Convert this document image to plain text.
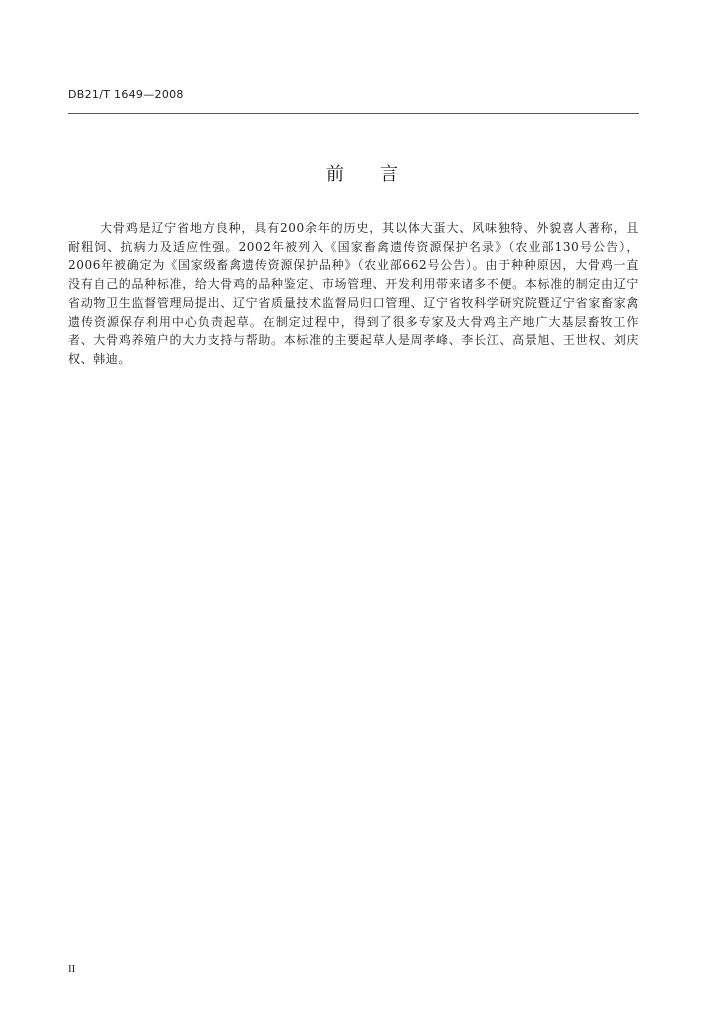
DB21/T 1649—2008
前言
大骨鸡是辽宁省地方良种，具有200余年的历史，其以体大蛋大、风味独特、外貌喜人著称，且耐粗饲、抗病力及适应性强。2002年被列入《国家畜禽遗传资源保护名录》（农业部130号公告），2006年被确定为《国家级畜禽遗传资源保护品种》（农业部662号公告）。由于种种原因，大骨鸡一直没有自己的品种标准，给大骨鸡的品种鉴定、市场管理、开发利用带来诸多不便。本标准的制定由辽宁省动物卫生监督管理局提出、辽宁省质量技术监督局归口管理、辽宁省牧科学研究院暨辽宁省家畜家禽遗传资源保存利用中心负责起草。在制定过程中，得到了很多专家及大骨鸡主产地广大基层畜牧工作者、大骨鸡养殖户的大力支持与帮助。本标准的主要起草人是周孝峰、李长江、高景旭、王世权、刘庆权、韩迪。
II
